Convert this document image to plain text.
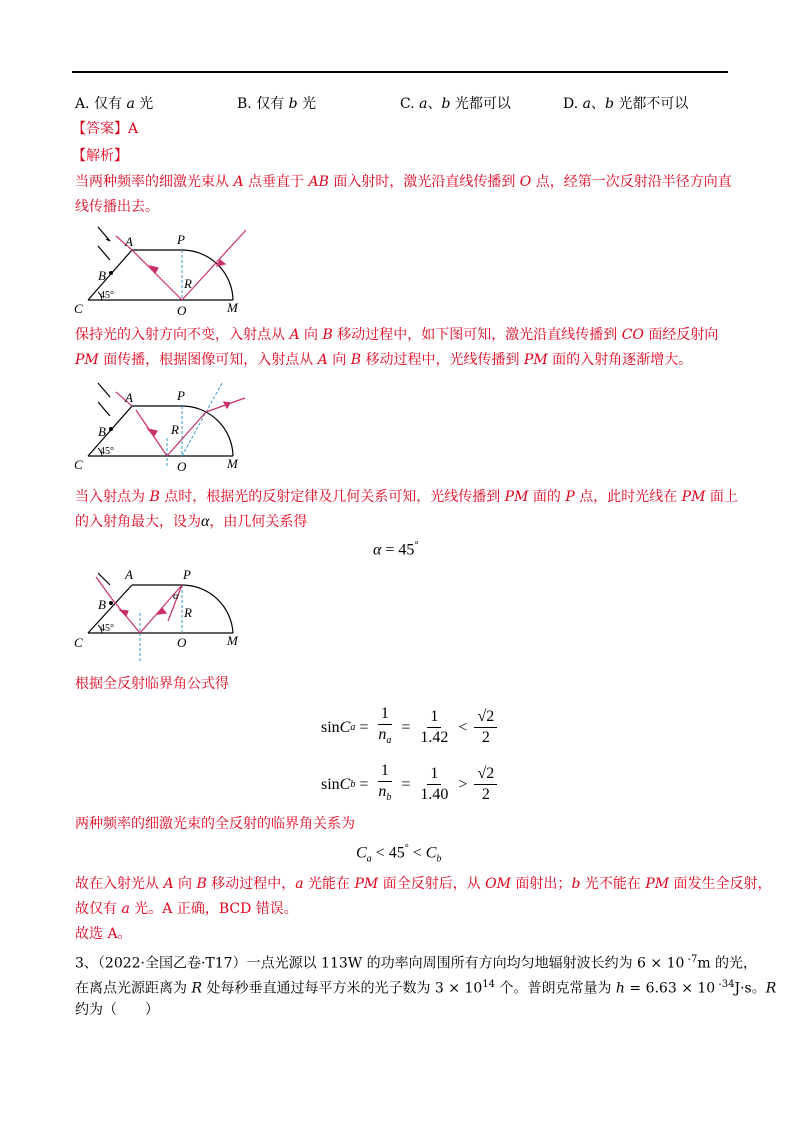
A. 仅有 a 光	B. 仅有 b 光	C. a、b 光都可以	D. a、b 光都不可以
【答案】A
【解析】
当两种频率的细激光束从 A 点垂直于 AB 面入射时，激光沿直线传播到 O 点，经第一次反射沿半径方向直
线传播出去。
A
B
C
P
R
O	M
45°
保持光的入射方向不变，入射点从 A 向 B 移动过程中，如下图可知，激光沿直线传播到 CO 面经反射向
PM 面传播，根据图像可知，入射点从 A 向 B 移动过程中，光线传播到 PM 面的入射角逐渐增大。
A
B
C
P
R
O	M
45°
当入射点为 B 点时，根据光的反射定律及几何关系可知，光线传播到 PM 面的 P 点，此时光线在 PM 面上
的入射角最大，设为α，由几何关系得
α = 45°
A
B
C
P
R
O	M
α
45°
根据全反射临界角公式得
sin C $a = \frac{1}{n_a} = \frac{1}{1.42} < \frac{√2}{2}$
sin C $b = \frac{1}{n_b} = \frac{1}{1.40} > \frac{√2}{2}$
两种频率的细激光束的全反射的临界角关系为
$C_a < 45^\circ < C_b$
故在入射光从 A 向 B 移动过程中，a 光能在 PM 面全反射后，从 OM 面射出；b 光不能在 PM 面发生全反射，
故仅有 a 光。A 正确，BCD 错误。
故选 A。
3、（2022·全国乙卷·T17）一点光源以 113W 的功率向周围所有方向均匀地辐射波长约为 6 × 10 $^{-7}$m 的光，
在离点光源距离为 R 处每秒垂直通过每平方米的光子数为 $3 \times 10^{14}$ 个。普朗克常量为 h = 6.63 × 10 $^{-34}$J·s。R
约为（　　）
